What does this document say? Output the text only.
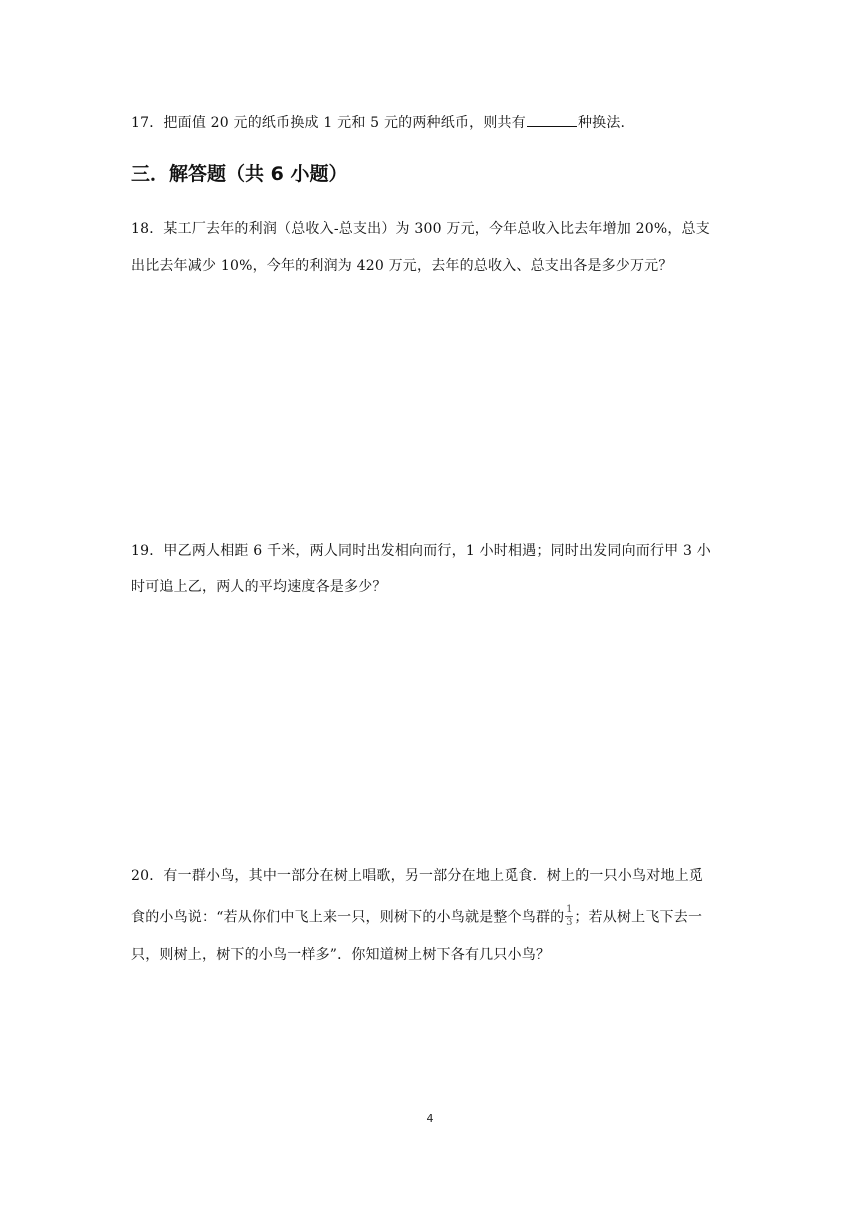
17．把面值 20 元的纸币换成 1 元和 5 元的两种纸币，则共有	种换法.
三．解答题（共 6 小题）
18．某工厂去年的利润（总收入-总支出）为 300 万元，今年总收入比去年增加 20%，总支
出比去年减少 10%，今年的利润为 420 万元，去年的总收入、总支出各是多少万元？
19．甲乙两人相距 6 千米，两人同时出发相向而行，1 小时相遇；同时出发同向而行甲 3 小
时可追上乙，两人的平均速度各是多少？
20．有一群小鸟，其中一部分在树上唱歌，另一部分在地上觅食．树上的一只小鸟对地上觅
食的小鸟说：“若从你们中飞上来一只，则树下的小鸟就是整个鸟群的 $\frac{1}{3}$ ；若从树上飞下去一
只，则树上，树下的小鸟一样多”．你知道树上树下各有几只小鸟？
4
